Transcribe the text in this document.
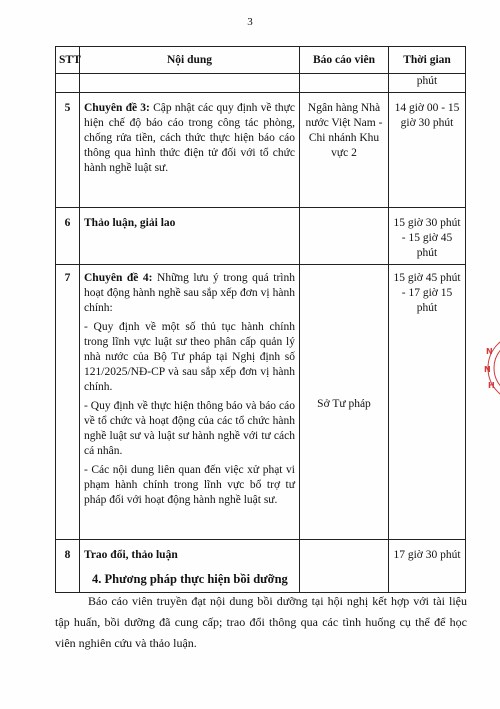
3
STT	Nội dung	Báo cáo viên	Thời gian
			phút
5	Chuyên đề 3: Cập nhật các quy định về thực hiện chế độ báo cáo trong công tác phòng, chống rửa tiền, cách thức thực hiện báo cáo thông qua hình thức điện tử đối với tổ chức hành nghề luật sư.	Ngân hàng Nhà nước Việt Nam - Chi nhánh Khu vực 2	14 giờ 00 - 15 giờ 30 phút
6	Thảo luận, giải lao		15 giờ 30 phút - 15 giờ 45 phút
7	Chuyên đề 4: Những lưu ý trong quá trình hoạt động hành nghề sau sắp xếp đơn vị hành chính:

- Quy định về một số thủ tục hành chính trong lĩnh vực luật sư theo phân cấp quản lý nhà nước của Bộ Tư pháp tại Nghị định số 121/2025/NĐ-CP và sau sắp xếp đơn vị hành chính.

- Quy định về thực hiện thông báo và báo cáo về tổ chức và hoạt động của các tổ chức hành nghề luật sư và luật sư hành nghề với tư cách cá nhân.

- Các nội dung liên quan đến việc xử phạt vi phạm hành chính trong lĩnh vực bổ trợ tư pháp đối với hoạt động hành nghề luật sư.	Sở Tư pháp	15 giờ 45 phút - 17 giờ 15 phút
8	Trao đổi, thảo luận		17 giờ 30 phút
4. Phương pháp thực hiện bồi dưỡng

Báo cáo viên truyền đạt nội dung bồi dưỡng tại hội nghị kết hợp với tài liệu tập huấn, bồi dưỡng đã cung cấp; trao đổi thông qua các tình huống cụ thể để học viên nghiên cứu và thảo luận.

N
N
H
